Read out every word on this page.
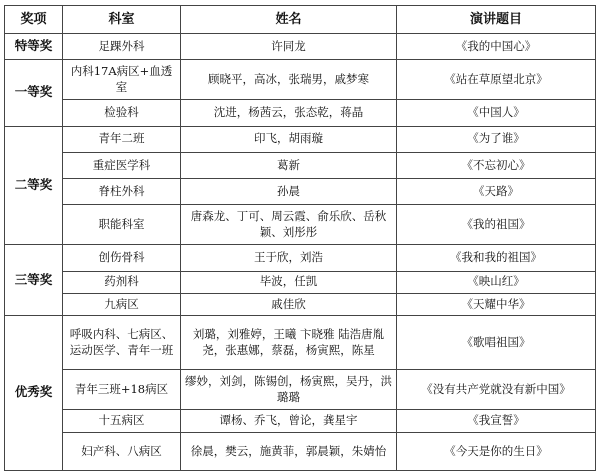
奖项	科室	姓名	演讲题目
特等奖	足踝外科	许同龙	《我的中国心》
一等奖	内科17A病区+血透室	顾晓平，高冰，张瑞男，戚梦寒	《站在草原望北京》
	检验科	沈进，杨茜云，张态乾，蒋晶	《中国人》
二等奖	青年二班	印飞，胡雨璇	《为了谁》
	重症医学科	葛新	《不忘初心》
	脊柱外科	孙晨	《天路》
	职能科室	唐森龙、丁可、周云霞、俞乐欣、岳秋颖、刘彤彤	《我的祖国》
三等奖	创伤骨科	王于欣，刘浩	《我和我的祖国》
	药剂科	毕波，任凯	《映山红》
	九病区	戚佳欣	《天耀中华》
优秀奖	呼吸内科、七病区、运动医学、青年一班	刘璐，刘雅婷，王曦 卞晓雅 陆浩唐胤尧，张惠娜，蔡磊，杨寅熙，陈星	《歌唱祖国》
	青年三班+18病区	缪妙，刘剑，陈锡创，杨寅熙，吴丹，洪璐璐	《没有共产党就没有新中国》
	十五病区	谭杨、乔飞，曾论，龚星宇	《我宣誓》
	妇产科、八病区	徐晨，樊云，施黄菲，郭晨颖，朱婧怡	《今天是你的生日》
